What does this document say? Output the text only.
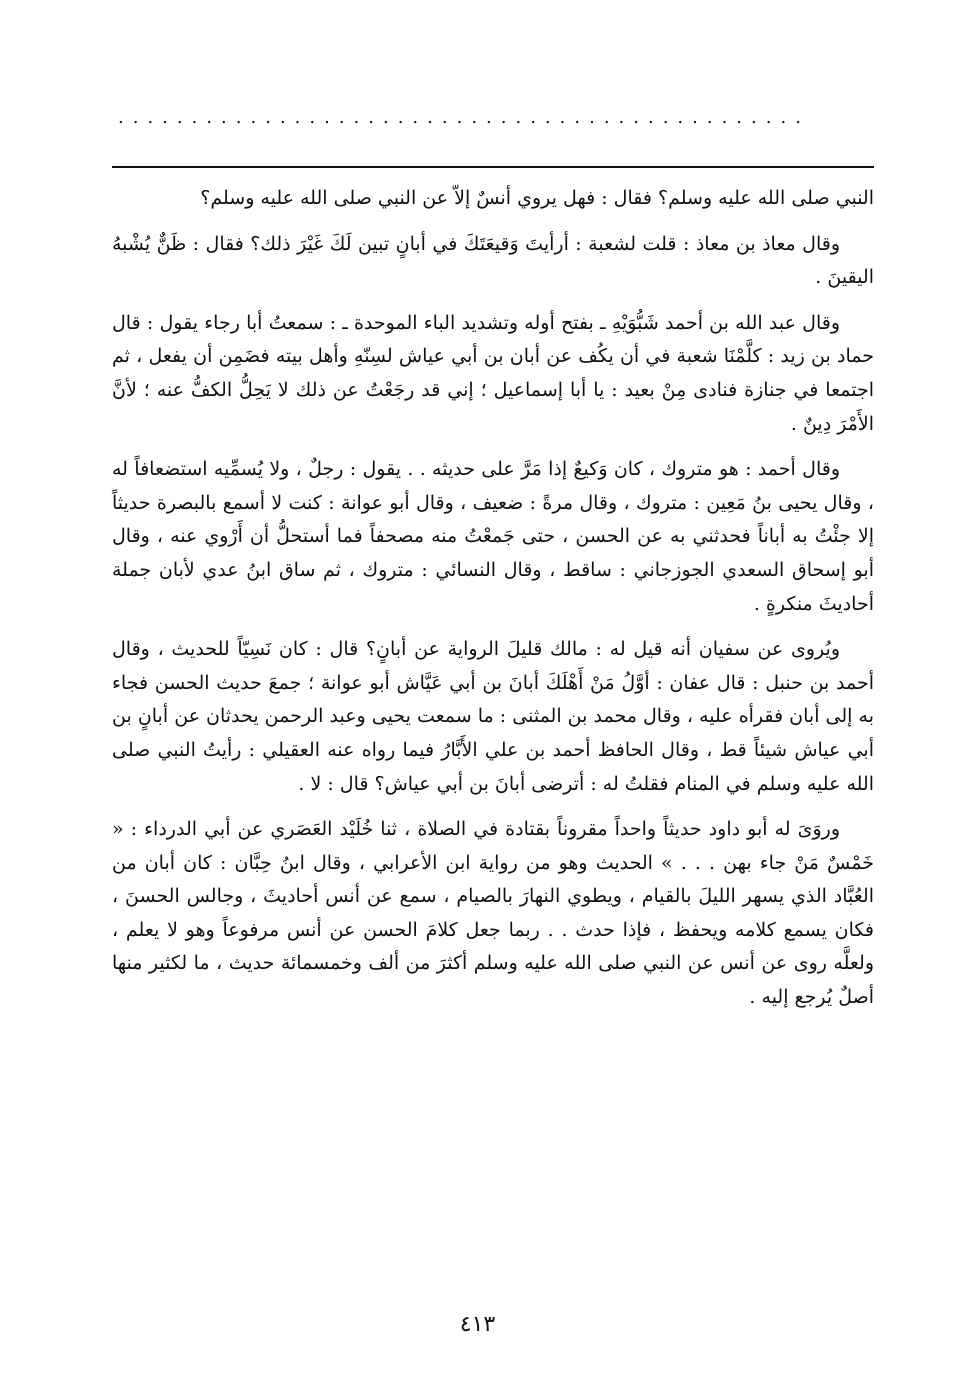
...............................................

النبي صلى الله عليه وسلم؟ فقال : فهل يروي أنسٌ إلاّ عن النبي صلى الله عليه وسلم؟

وقال معاذ بن معاذ : قلت لشعبة : أرأيتَ وَقيعَتَكَ في أبانٍ تبين لَكَ غَيْرَ ذلك؟ فقال : ظَنٌّ يُشْبهُ اليقينَ .

وقال عبد الله بن أحمد شَبُّوَيْهِ ـ بفتح أوله وتشديد الباء الموحدة ـ : سمعتُ أبا رجاء يقول : قال حماد بن زيد : كلَّمْنَا شعبة في أن يكُف عن أبان بن أبي عياش لسِنّهِ وأهل بيته فضَمِن أن يفعل ، ثم اجتمعا في جنازة فنادى مِنْ بعيد : يا أبا إسماعيل ؛ إني قد رجَعْتُ عن ذلك لا يَحِلُّ الكفُّ عنه ؛ لأنَّ الأَمْرَ دِينٌ .

وقال أحمد : هو متروك ، كان وَكيعٌ إذا مَرَّ على حديثه . . يقول : رجلٌ ، ولا يُسمِّيه استضعافاً له ، وقال يحيى بنُ مَعِين : متروك ، وقال مرةً : ضعيف ، وقال أبو عوانة : كنت لا أسمع بالبصرة حديثاً إلا جئْتُ به أباناً فحدثني به عن الحسن ، حتى جَمعْتُ منه مصحفاً فما أستحلُّ أن أَرْوي عنه ، وقال أبو إسحاق السعدي الجوزجاني : ساقط ، وقال النسائي : متروك ، ثم ساق ابنُ عدي لأبان جملة أحاديثَ منكرةٍ .

ويُروى عن سفيان أنه قيل له : مالك قليلَ الرواية عن أبانٍ؟ قال : كان نَسِيّاً للحديث ، وقال أحمد بن حنبل : قال عفان : أوَّلُ مَنْ أَهْلَكَ أبانَ بن أبي عَيَّاش أبو عوانة ؛ جمعَ حديث الحسن فجاء به إلى أبان فقرأه عليه ، وقال محمد بن المثنى : ما سمعت يحيى وعبد الرحمن يحدثان عن أبانٍ بن أبي عياش شيئاً قط ، وقال الحافظ أحمد بن علي الأَبَّارُ فيما رواه عنه العقيلي : رأيتُ النبي صلى الله عليه وسلم في المنام فقلتُ له : أترضى أبانَ بن أبي عياش؟ قال : لا .

وروَىَ له أبو داود حديثاً واحداً مقروناً بقتادة في الصلاة ، ثنا خُلَيْد العَصَري عن أبي الدرداء : « خَمْسٌ مَنْ جاء بهن . . . » الحديث وهو من رواية ابن الأعرابي ، وقال ابنُ حِبَّان : كان أبان من العُبَّاد الذي يسهر الليلَ بالقيام ، ويطوي النهارَ بالصيام ، سمع عن أنس أحاديثَ ، وجالس الحسنَ ، فكان يسمع كلامه ويحفظ ، فإذا حدث . . ربما جعل كلامَ الحسن عن أنس مرفوعاً وهو لا يعلم ، ولعلَّه روى عن أنس عن النبي صلى الله عليه وسلم أكثرَ من ألف وخمسمائة حديث ، ما لكثير منها أصلٌ يُرجع إليه .

٤١٣
